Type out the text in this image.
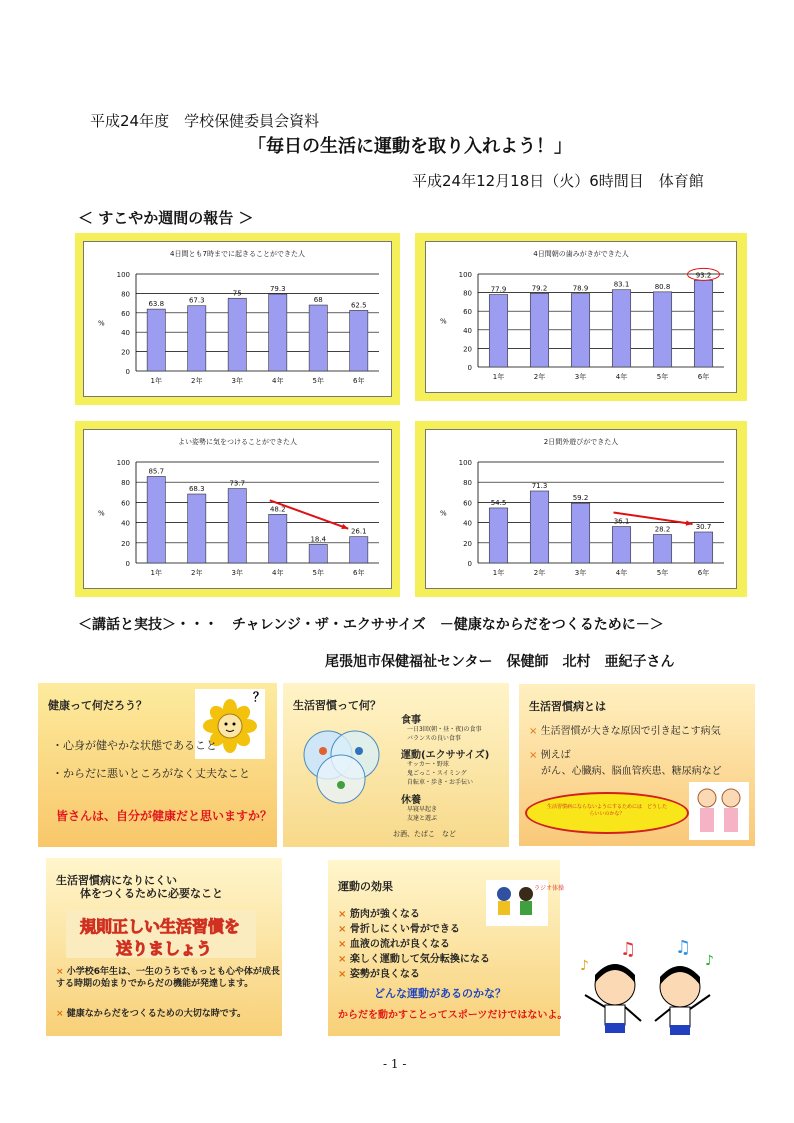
平成24年度　学校保健委員会資料
「毎日の生活に運動を取り入れよう！」
平成24年12月18日（火）6時間目　体育館
＜ すこやか週間の報告 ＞
4日間とも7時までに起きることができた人
%
0
20
40
60
80
100
63.8
1年
67.3
2年
75
3年
79.3
4年
68
5年
62.5
6年
4日間朝の歯みがきができた人
%
0
20
40
60
80
100
77.9
1年
79.2
2年
78.9
3年
83.1
4年
80.8
5年
93.2
6年
よい姿勢に気をつけることができた人
%
0
20
40
60
80
100
85.7
1年
68.3
2年
73.7
3年
48.2
4年
18.4
5年
26.1
6年
2日間外遊びができた人
%
0
20
40
60
80
100
54.5
1年
71.3
2年
59.2
3年
36.1
4年
28.2
5年
30.7
6年
＜講話と実技＞・・・　チャレンジ・ザ・エクササイズ　－健康なからだをつくるために－＞
尾張旭市保健福祉センター　保健師　北村　亜紀子さん
健康って何だろう？
？
・心身が健やかな状態であること
・からだに悪いところがなく丈夫なこと
皆さんは、自分が健康だと思いますか？
生活習慣って何？
食事
一日3回(朝・昼・夜)の食事
バランスの良い食事
運動(エクササイズ)
サッカー・野球
鬼ごっこ・スイミング
自転車・歩き・お手伝い
休養
早寝早起き
友達と遊ぶ
お酒、たばこ　など
生活習慣病とは
× 生活習慣が大きな原因で引き起こす病気
× 例えば
がん、心臓病、脳血管疾患、糖尿病など
生活習慣病にならないようにするためには　どうしたらいいのかな？
生活習慣病になりにくい
体をつくるために必要なこと
規則正しい生活習慣を
送りましょう
× 小学校6年生は、一生のうちでもっとも心や体が成長する時期の始まりでからだの機能が発達します。
× 健康なからだをつくるための大切な時です。
運動の効果	ラジオ体操
× 筋肉が強くなる
× 骨折しにくい骨ができる
× 血液の流れが良くなる
× 楽しく運動して気分転換になる
× 姿勢が良くなる
どんな運動があるのかな？
からだを動かすことってスポーツだけではないよ。
♫ ♫
♪
♪
- 1 -
